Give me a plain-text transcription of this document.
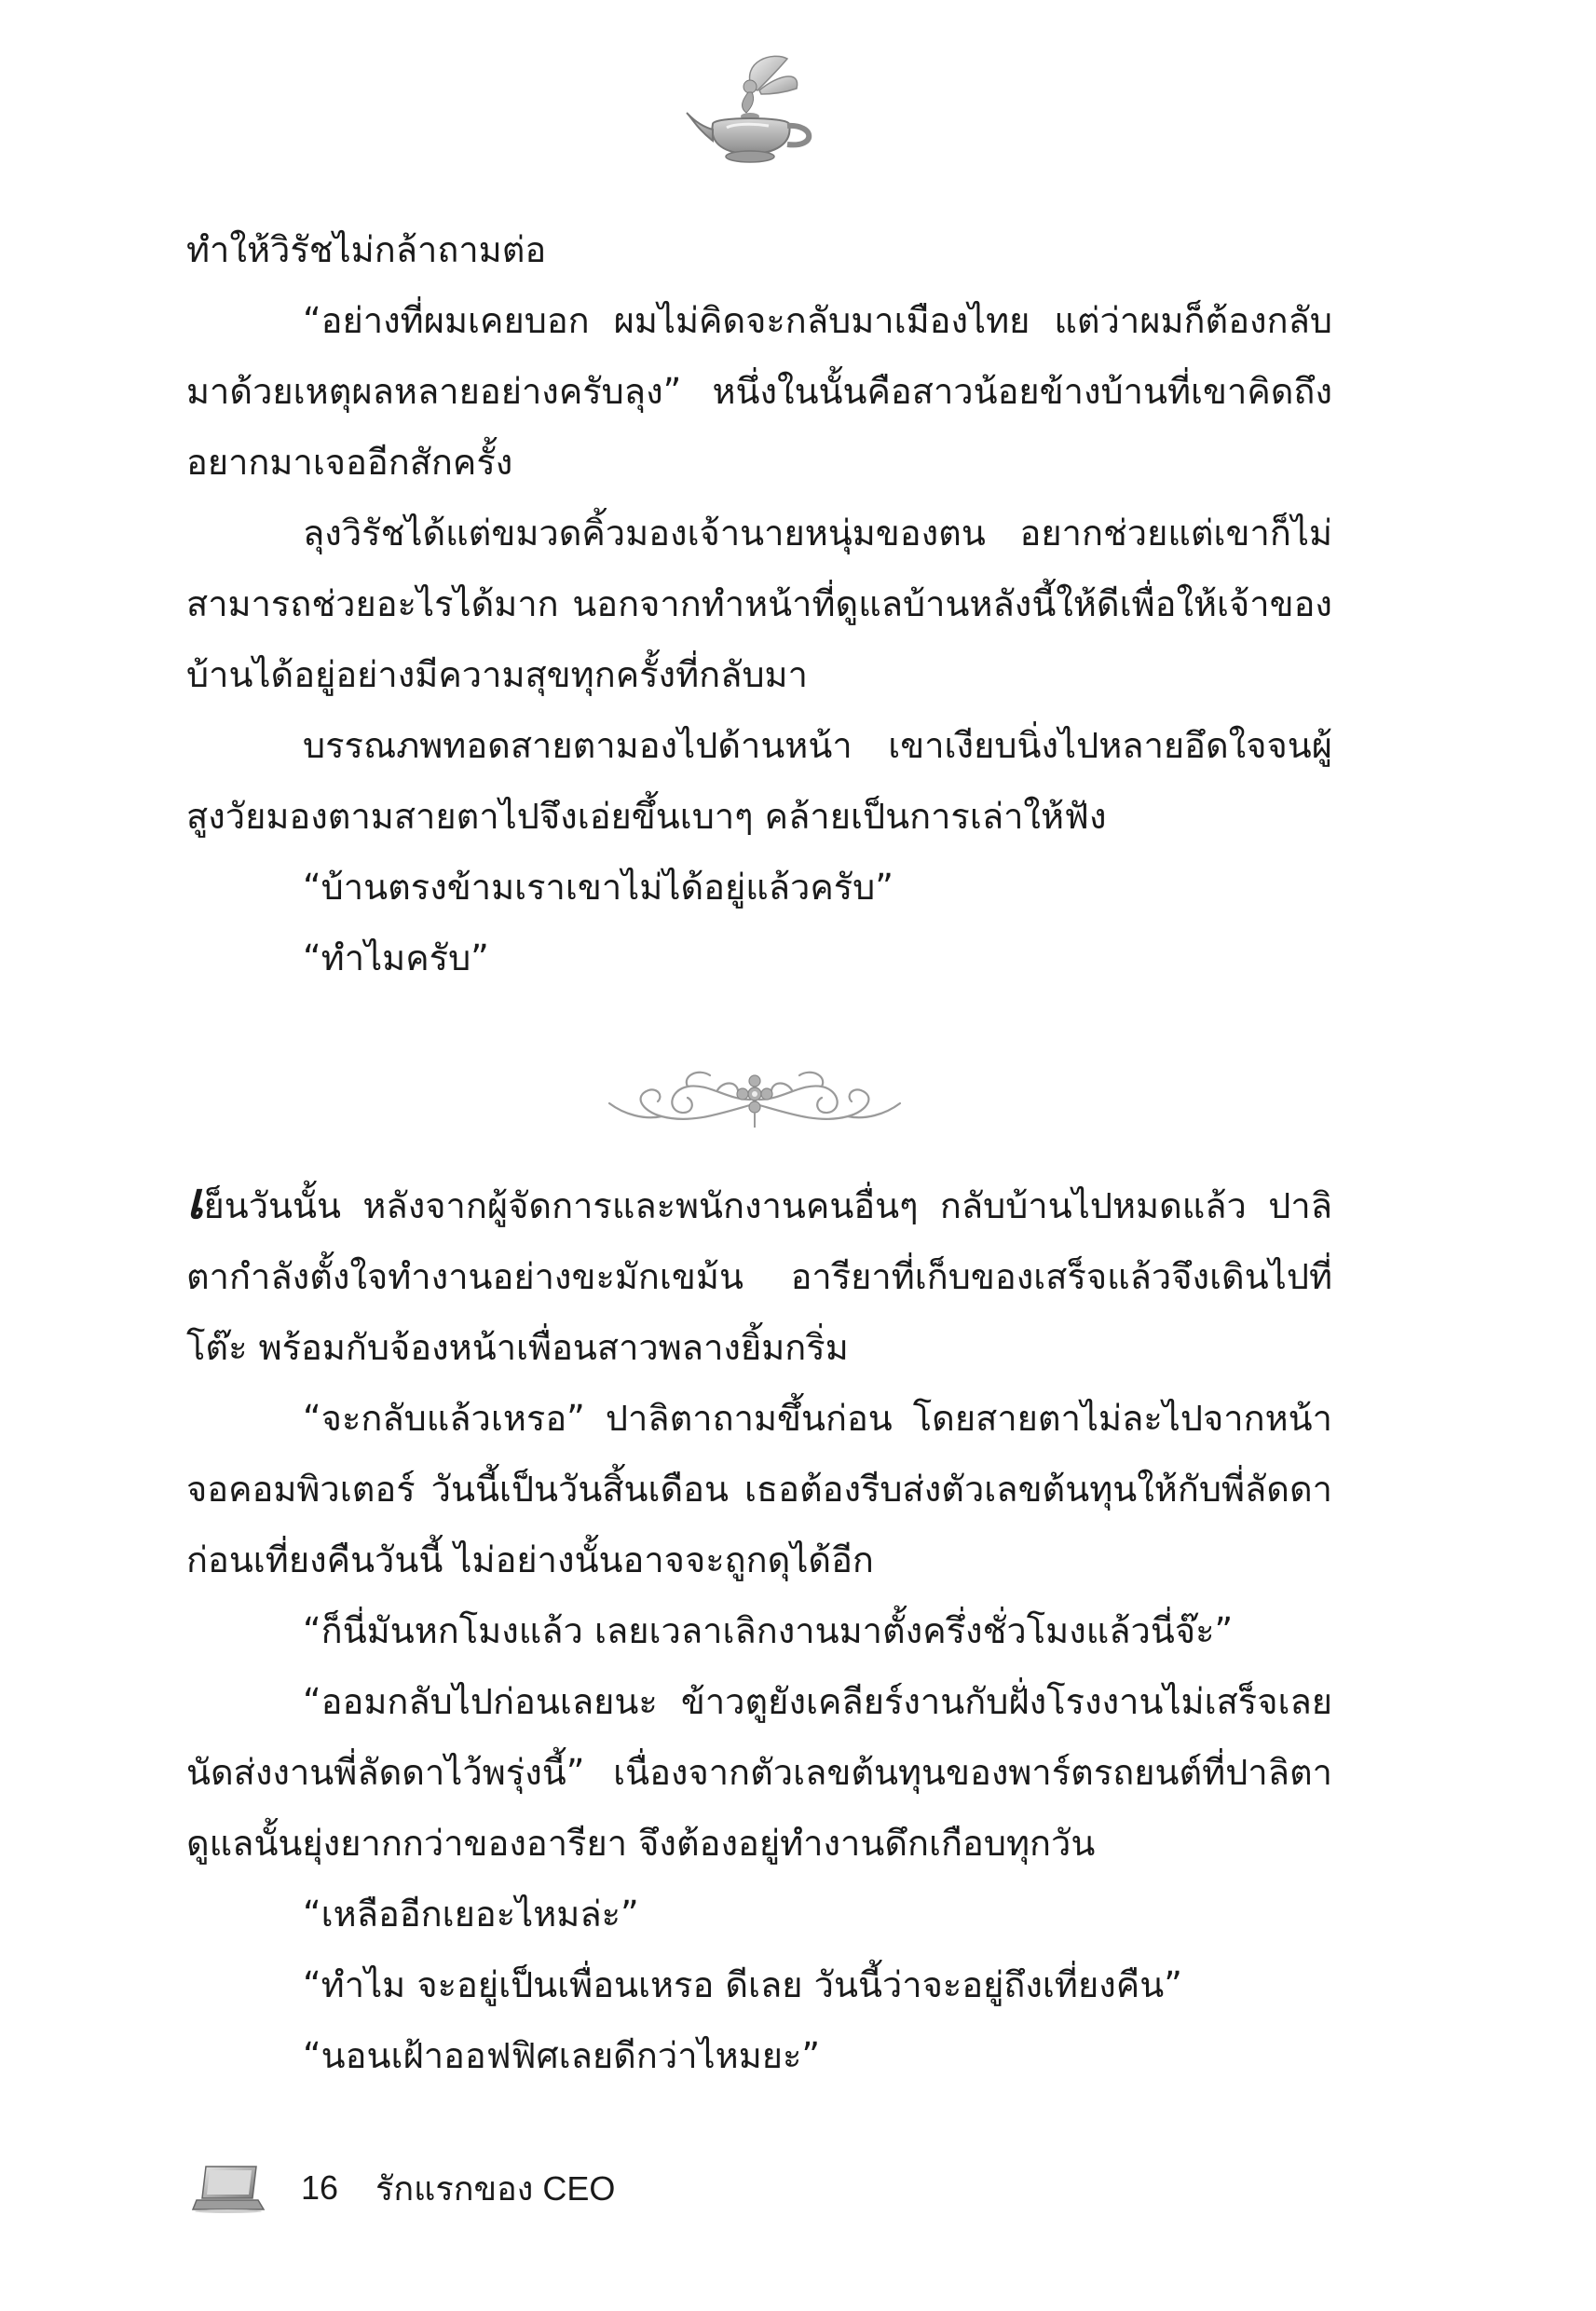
ทำให้วิรัชไม่กล้าถามต่อ

“อย่างที่ผมเคยบอก ผมไม่คิดจะกลับมาเมืองไทย แต่ว่าผมก็ต้องกลับมาด้วยเหตุผลหลายอย่างครับลุง” หนึ่งในนั้นคือสาวน้อยข้างบ้านที่เขาคิดถึงอยากมาเจออีกสักครั้ง

ลุงวิรัชได้แต่ขมวดคิ้วมองเจ้านายหนุ่มของตน อยากช่วยแต่เขาก็ไม่สามารถช่วยอะไรได้มาก นอกจากทำหน้าที่ดูแลบ้านหลังนี้ให้ดีเพื่อให้เจ้าของบ้านได้อยู่อย่างมีความสุขทุกครั้งที่กลับมา

บรรณภพทอดสายตามองไปด้านหน้า เขาเงียบนิ่งไปหลายอึดใจจนผู้สูงวัยมองตามสายตาไปจึงเอ่ยขึ้นเบาๆ คล้ายเป็นการเล่าให้ฟัง

“บ้านตรงข้ามเราเขาไม่ได้อยู่แล้วครับ”

“ทำไมครับ”

เย็นวันนั้น หลังจากผู้จัดการและพนักงานคนอื่นๆ กลับบ้านไปหมดแล้ว ปาลิตากำลังตั้งใจทำงานอย่างขะมักเขม้น อารียาที่เก็บของเสร็จแล้วจึงเดินไปที่โต๊ะ พร้อมกับจ้องหน้าเพื่อนสาวพลางยิ้มกริ่ม

“จะกลับแล้วเหรอ” ปาลิตาถามขึ้นก่อน โดยสายตาไม่ละไปจากหน้าจอคอมพิวเตอร์ วันนี้เป็นวันสิ้นเดือน เธอต้องรีบส่งตัวเลขต้นทุนให้กับพี่ลัดดาก่อนเที่ยงคืนวันนี้ ไม่อย่างนั้นอาจจะถูกดุได้อีก

“ก็นี่มันหกโมงแล้ว เลยเวลาเลิกงานมาตั้งครึ่งชั่วโมงแล้วนี่จ๊ะ”

“ออมกลับไปก่อนเลยนะ ข้าวตูยังเคลียร์งานกับฝั่งโรงงานไม่เสร็จเลย นัดส่งงานพี่ลัดดาไว้พรุ่งนี้” เนื่องจากตัวเลขต้นทุนของพาร์ตรถยนต์ที่ปาลิตาดูแลนั้นยุ่งยากกว่าของอารียา จึงต้องอยู่ทำงานดึกเกือบทุกวัน

“เหลืออีกเยอะไหมล่ะ”

“ทำไม จะอยู่เป็นเพื่อนเหรอ ดีเลย วันนี้ว่าจะอยู่ถึงเที่ยงคืน”

“นอนเฝ้าออฟฟิศเลยดีกว่าไหมยะ”

16 รักแรกของ CEO
